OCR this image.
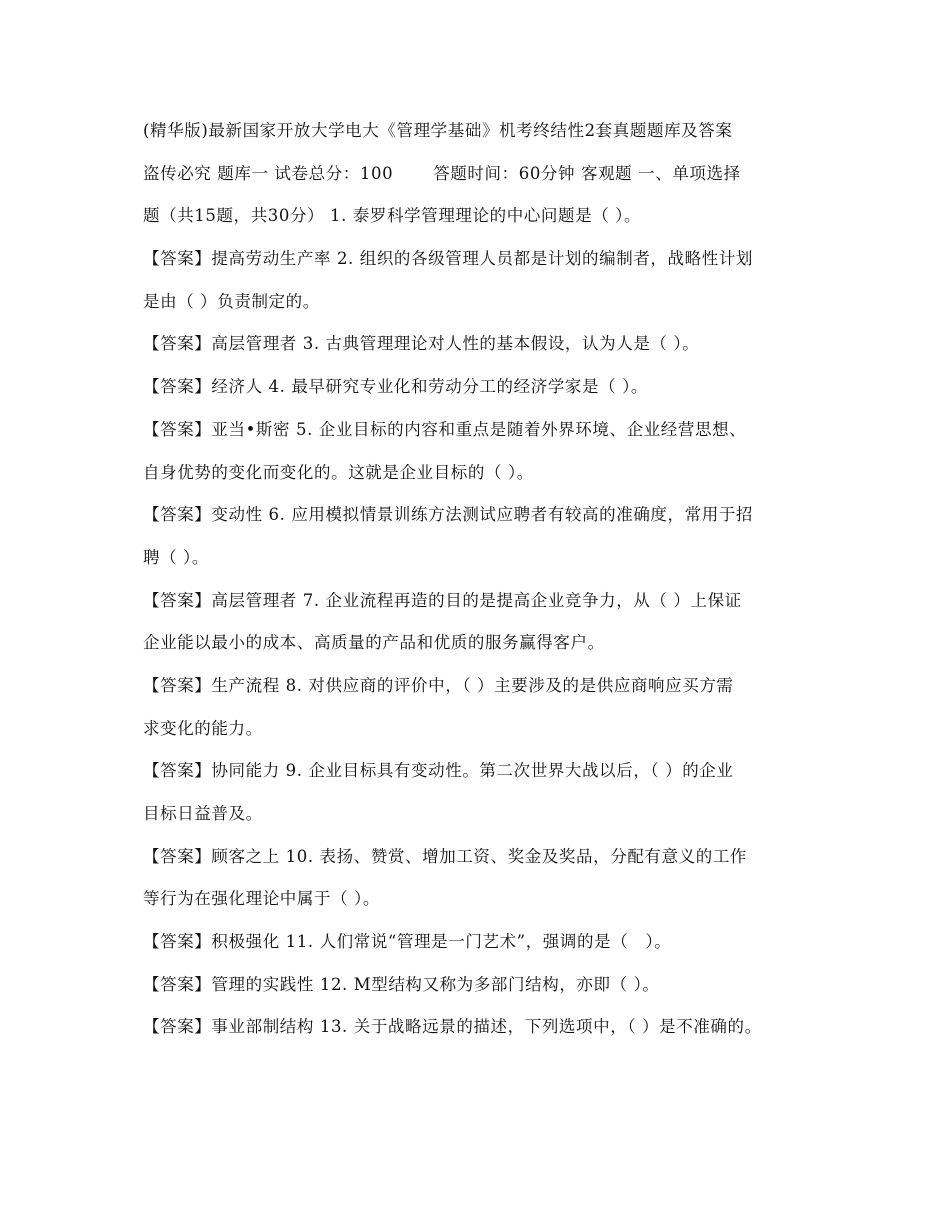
(精华版)最新国家开放大学电大《管理学基础》机考终结性2套真题题库及答案
盗传必究 题库一 试卷总分：100　　 答题时间：60分钟 客观题 一、单项选择
题（共15题，共30分） 1. 泰罗科学管理理论的中心问题是（ ）。
【答案】提高劳动生产率 2. 组织的各级管理人员都是计划的编制者，战略性计划
是由（ ）负责制定的。
【答案】高层管理者 3. 古典管理理论对人性的基本假设，认为人是（ ）。
【答案】经济人 4. 最早研究专业化和劳动分工的经济学家是（ ）。
【答案】亚当•斯密 5. 企业目标的内容和重点是随着外界环境、企业经营思想、
自身优势的变化而变化的。这就是企业目标的（ ）。
【答案】变动性 6. 应用模拟情景训练方法测试应聘者有较高的准确度，常用于招
聘（ ）。
【答案】高层管理者 7. 企业流程再造的目的是提高企业竞争力，从（ ）上保证
企业能以最小的成本、高质量的产品和优质的服务赢得客户。
【答案】生产流程 8. 对供应商的评价中，（ ）主要涉及的是供应商响应买方需
求变化的能力。
【答案】协同能力 9. 企业目标具有变动性。第二次世界大战以后，（ ）的企业
目标日益普及。
【答案】顾客之上 10. 表扬、赞赏、增加工资、奖金及奖品，分配有意义的工作
等行为在强化理论中属于（ ）。
【答案】积极强化 11. 人们常说“管理是一门艺术”，强调的是（　）。
【答案】管理的实践性 12. M型结构又称为多部门结构，亦即（ ）。
【答案】事业部制结构 13. 关于战略远景的描述，下列选项中，（ ）是不准确的。
